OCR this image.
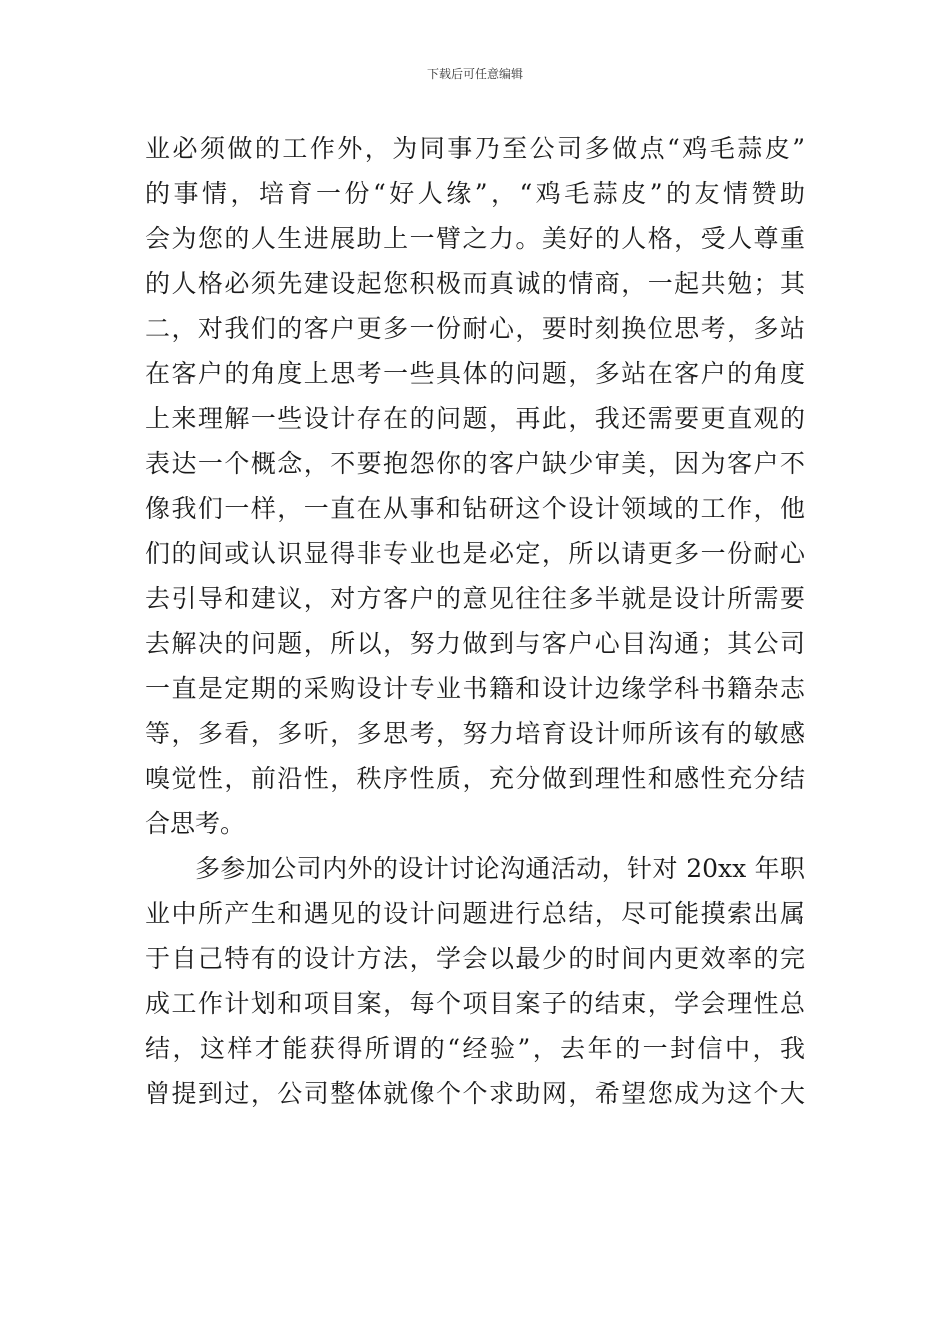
下载后可任意编辑
业必须做的工作外，为同事乃至公司多做点“鸡毛蒜皮”
的事情，培育一份“好人缘”，“鸡毛蒜皮”的友情赞助
会为您的人生进展助上一臂之力。美好的人格，受人尊重
的人格必须先建设起您积极而真诚的情商，一起共勉；其
二，对我们的客户更多一份耐心，要时刻换位思考，多站
在客户的角度上思考一些具体的问题，多站在客户的角度
上来理解一些设计存在的问题，再此，我还需要更直观的
表达一个概念，不要抱怨你的客户缺少审美，因为客户不
像我们一样，一直在从事和钻研这个设计领域的工作，他
们的间或认识显得非专业也是必定，所以请更多一份耐心
去引导和建议，对方客户的意见往往多半就是设计所需要
去解决的问题，所以，努力做到与客户心目沟通；其公司
一直是定期的采购设计专业书籍和设计边缘学科书籍杂志
等，多看，多听，多思考，努力培育设计师所该有的敏感
嗅觉性，前沿性，秩序性质，充分做到理性和感性充分结
合思考。
多参加公司内外的设计讨论沟通活动，针对 20xx 年职
业中所产生和遇见的设计问题进行总结，尽可能摸索出属
于自己特有的设计方法，学会以最少的时间内更效率的完
成工作计划和项目案，每个项目案子的结束，学会理性总
结，这样才能获得所谓的“经验”，去年的一封信中，我
曾提到过，公司整体就像个个求助网，希望您成为这个大
